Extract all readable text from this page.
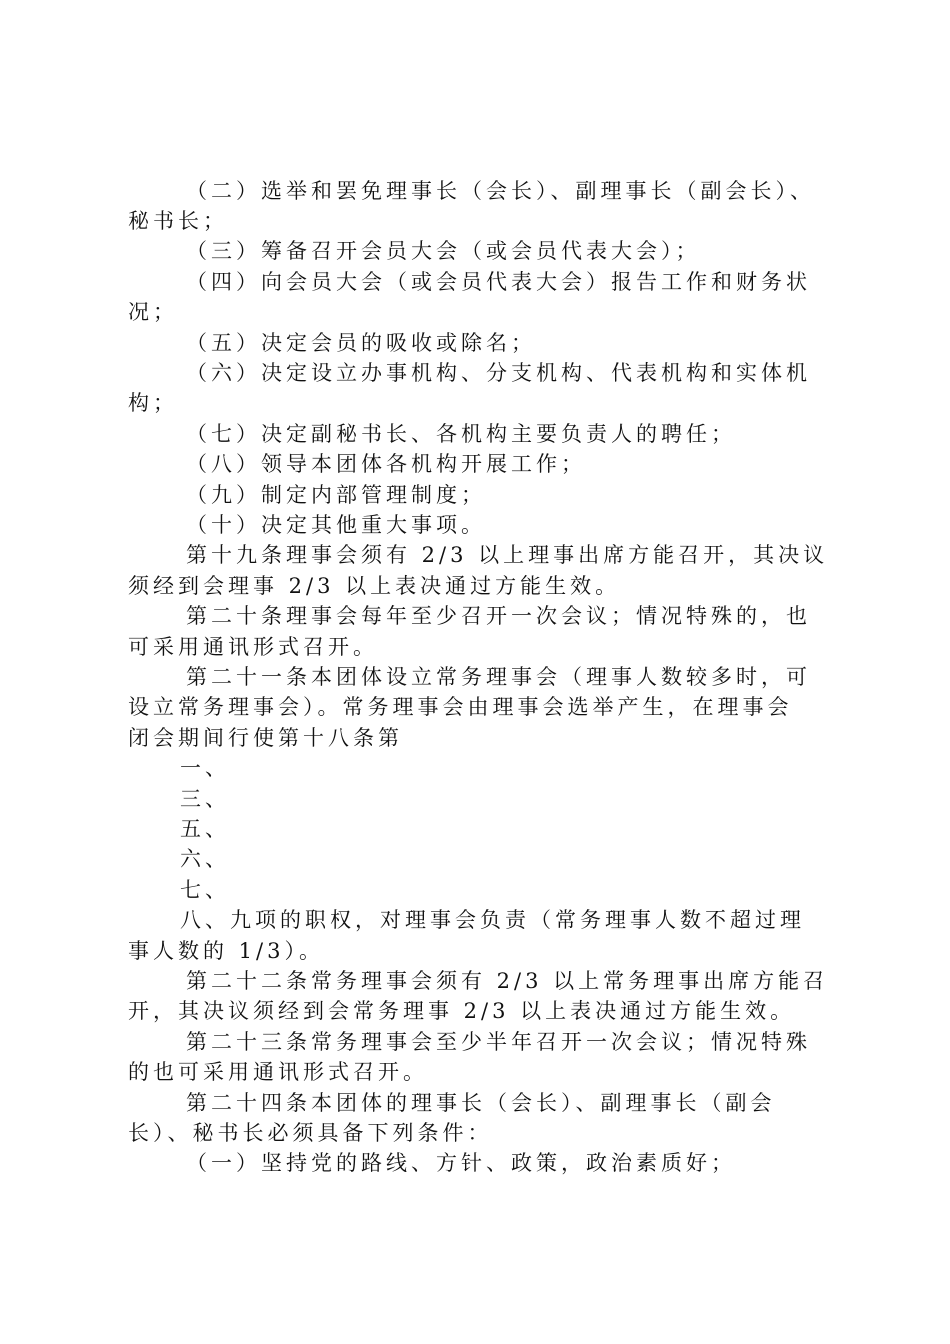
（二）选举和罢免理事长（会长）、副理事长（副会长）、
秘书长；
（三）筹备召开会员大会（或会员代表大会）；
（四）向会员大会（或会员代表大会）报告工作和财务状
况；
（五）决定会员的吸收或除名；
（六）决定设立办事机构、分支机构、代表机构和实体机
构；
（七）决定副秘书长、各机构主要负责人的聘任；
（八）领导本团体各机构开展工作；
（九）制定内部管理制度；
（十）决定其他重大事项。
第十九条理事会须有 2/3 以上理事出席方能召开，其决议
须经到会理事 2/3 以上表决通过方能生效。
第二十条理事会每年至少召开一次会议；情况特殊的，也
可采用通讯形式召开。
第二十一条本团体设立常务理事会（理事人数较多时，可
设立常务理事会）。常务理事会由理事会选举产生，在理事会
闭会期间行使第十八条第
一、
三、
五、
六、
七、
八、九项的职权，对理事会负责（常务理事人数不超过理
事人数的 1/3）。
第二十二条常务理事会须有 2/3 以上常务理事出席方能召
开，其决议须经到会常务理事 2/3 以上表决通过方能生效。
第二十三条常务理事会至少半年召开一次会议；情况特殊
的也可采用通讯形式召开。
第二十四条本团体的理事长（会长）、副理事长（副会
长）、秘书长必须具备下列条件：
（一）坚持党的路线、方针、政策，政治素质好；
